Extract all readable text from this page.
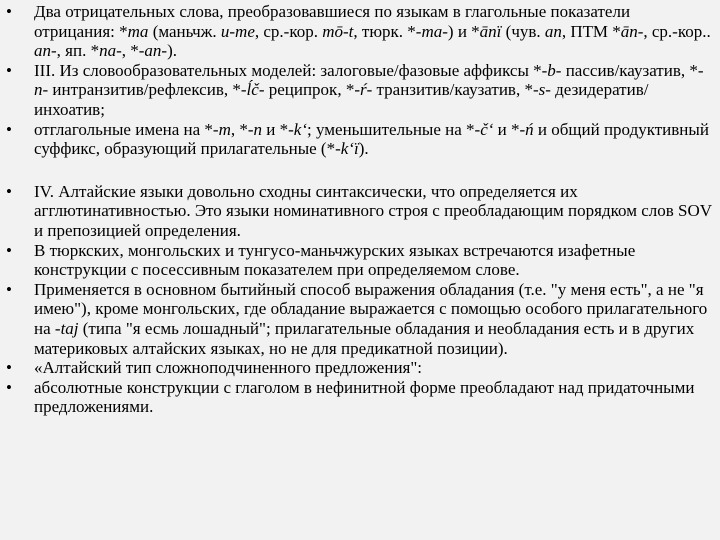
•	Два отрицательных слова, преобразовавшиеся по языкам в глагольные показатели отрицания: *ma (маньчж. u-me, ср.-кор. mō-t, тюрк. *-ma-) и *ānï (чув. an, ПТМ *ān-, ср.-кор.. an-, яп. *na-, *-an-).
•	III. Из словообразовательных моделей: залоговые/фазовые аффиксы *-b- пассив/каузатив, *-n- интранзитив/рефлексив, *-ĺč- реципрок, *-ŕ- транзитив/каузатив, *-s- дезидератив/инхоатив;
•	отглагольные имена на *-m, *-n и *-k‘; уменьшительные на *-č‘ и *-ń и общий продуктивный суффикс, образующий прилагательные (*-k‘ï).
•	IV. Алтайские языки довольно сходны синтаксически, что определяется их агглютинативностью. Это языки номинативного строя с преобладающим порядком слов SOV и препозицией определения.
•	В тюркских, монгольских и тунгусо-маньчжурских языках встречаются изафетные конструкции с посессивным показателем при определяемом слове.
•	Применяется в основном бытийный способ выражения обладания (т.е. "у меня есть", а не "я имею"), кроме монгольских, где обладание выражается с помощью особого прилагательного на -taj (типа "я есмь лошадный"; прилагательные обладания и необладания есть и в других материковых алтайских языках, но не для предикатной позиции).
•	«Алтайский тип сложноподчиненного предложения":
•	абсолютные конструкции с глаголом в нефинитной форме преобладают над придаточными предложениями.
